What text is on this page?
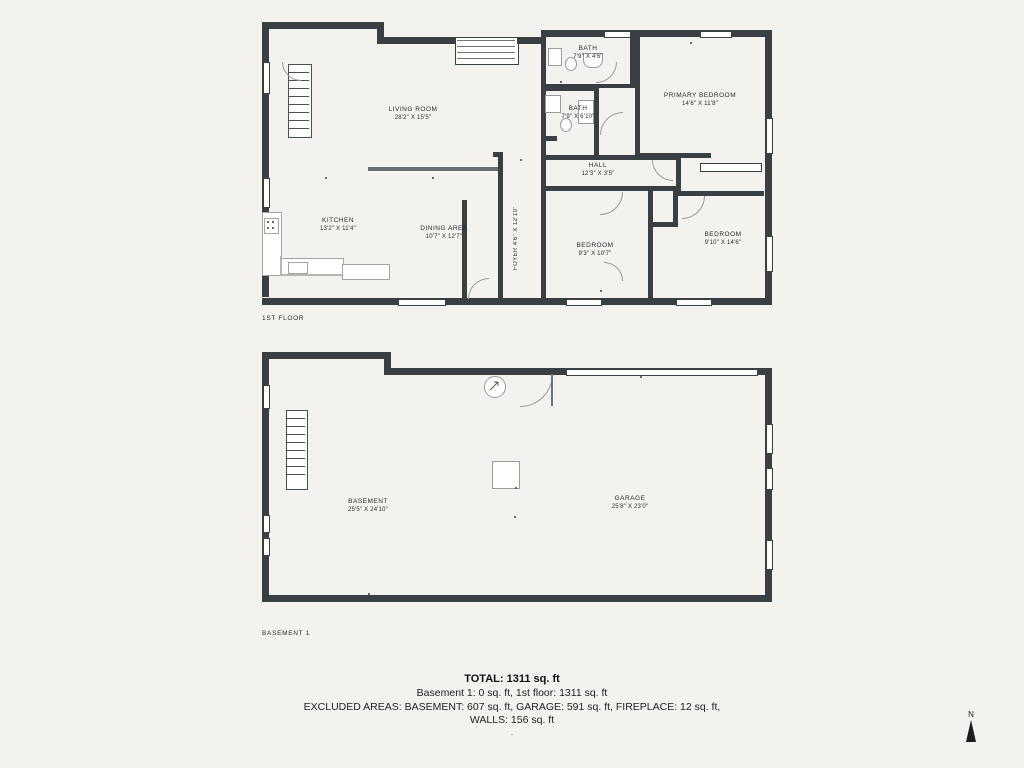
LIVING ROOM
28'2" X 15'5"
KITCHEN
13'2" X 11'4"	DINING AREA
10'7" X 12'7"
FOYER 4'6" X 12'10"
HALL
12'3" X 3'5"
BATH
7'9" X 4'6"
BATH
7'9" X 6'10"
PRIMARY BEDROOM
14'6" X 11'8"
BEDROOM
9'3" X 10'7"
BEDROOM
9'10" X 14'6"
1ST FLOOR
BASEMENT
25'5" X 24'10"
GARAGE
25'8" X 23'0"
BASEMENT 1
TOTAL: 1311 sq. ft
Basement 1: 0 sq. ft, 1st floor: 1311 sq. ft
EXCLUDED AREAS: BASEMENT: 607 sq. ft, GARAGE: 591 sq. ft, FIREPLACE: 12 sq. ft,
WALLS: 156 sq. ft
.
N
